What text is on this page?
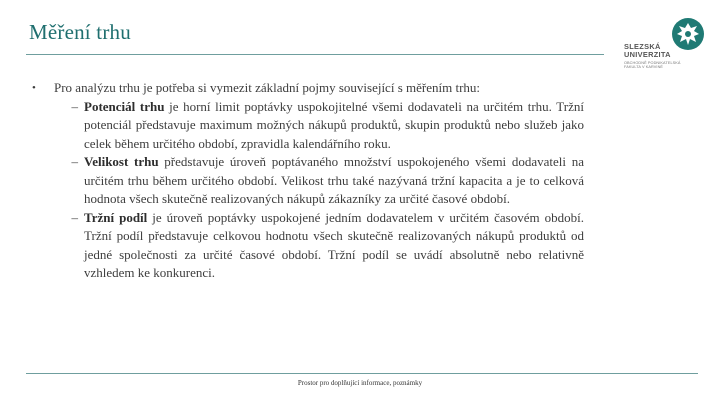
Měření trhu
SLEZSKÁ
UNIVERZITA
OBCHODNĚ PODNIKATELSKÁ
FAKULTA V KARVINÉ
•	Pro analýzu trhu je potřeba si vymezit základní pojmy související s měřením trhu:
– Potenciál trhu je horní limit poptávky uspokojitelné všemi dodavateli na určitém trhu. Tržní potenciál představuje maximum možných nákupů produktů, skupin produktů nebo služeb jako celek během určitého období, zpravidla kalendářního roku.
– Velikost trhu představuje úroveň poptávaného množství uspokojeného všemi dodavateli na určitém trhu během určitého období. Velikost trhu také nazývaná tržní kapacita a je to celková hodnota všech skutečně realizovaných nákupů zákazníky za určité časové období.
– Tržní podíl je úroveň poptávky uspokojené jedním dodavatelem v určitém časovém období. Tržní podíl představuje celkovou hodnotu všech skutečně realizovaných nákupů produktů od jedné společnosti za určité časové období. Tržní podíl se uvádí absolutně nebo relativně vzhledem ke konkurenci.
Prostor pro doplňující informace, poznámky
